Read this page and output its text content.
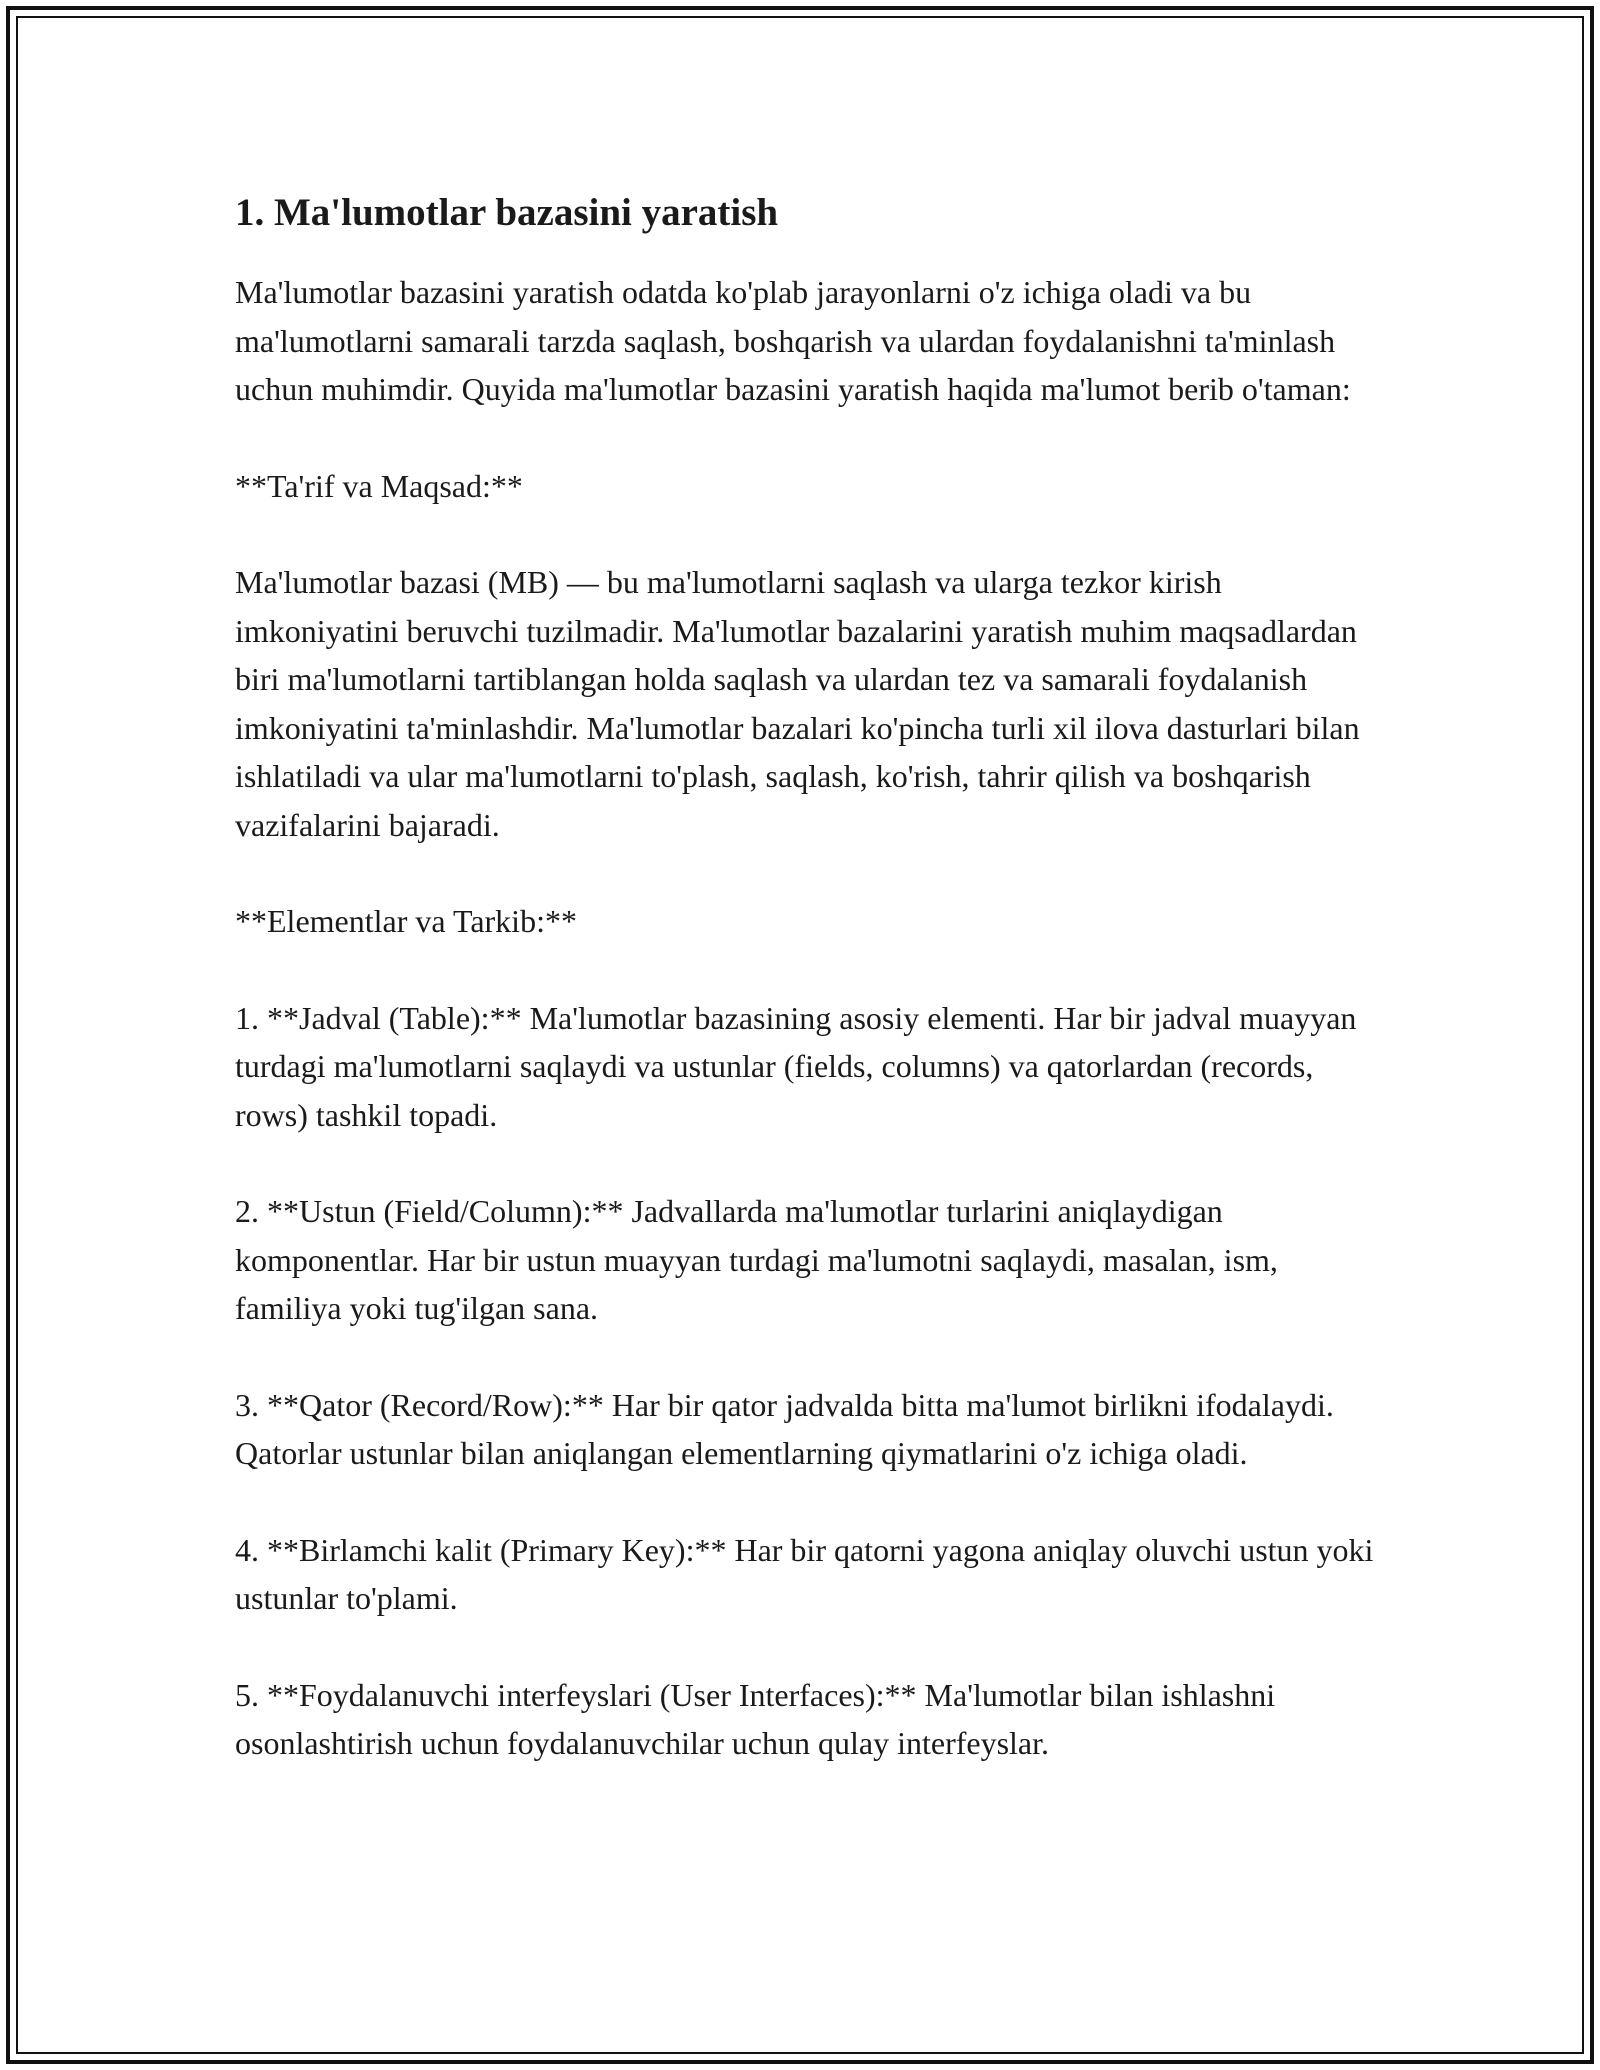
1. Ma'lumotlar bazasini yaratish

Ma'lumotlar bazasini yaratish odatda ko'plab jarayonlarni o'z ichiga oladi va bu ma'lumotlarni samarali tarzda saqlash, boshqarish va ulardan foydalanishni ta'minlash uchun muhimdir. Quyida ma'lumotlar bazasini yaratish haqida ma'lumot berib o'taman:

**Ta'rif va Maqsad:**

Ma'lumotlar bazasi (MB) — bu ma'lumotlarni saqlash va ularga tezkor kirish imkoniyatini beruvchi tuzilmadir. Ma'lumotlar bazalarini yaratish muhim maqsadlardan biri ma'lumotlarni tartiblangan holda saqlash va ulardan tez va samarali foydalanish imkoniyatini ta'minlashdir. Ma'lumotlar bazalari ko'pincha turli xil ilova dasturlari bilan ishlatiladi va ular ma'lumotlarni to'plash, saqlash, ko'rish, tahrir qilish va boshqarish vazifalarini bajaradi.

**Elementlar va Tarkib:**

1. **Jadval (Table):** Ma'lumotlar bazasining asosiy elementi. Har bir jadval muayyan turdagi ma'lumotlarni saqlaydi va ustunlar (fields, columns) va qatorlardan (records, rows) tashkil topadi.

2. **Ustun (Field/Column):** Jadvallarda ma'lumotlar turlarini aniqlaydigan komponentlar. Har bir ustun muayyan turdagi ma'lumotni saqlaydi, masalan, ism, familiya yoki tug'ilgan sana.

3. **Qator (Record/Row):** Har bir qator jadvalda bitta ma'lumot birlikni ifodalaydi. Qatorlar ustunlar bilan aniqlangan elementlarning qiymatlarini o'z ichiga oladi.

4. **Birlamchi kalit (Primary Key):** Har bir qatorni yagona aniqlay oluvchi ustun yoki ustunlar to'plami.

5. **Foydalanuvchi interfeyslari (User Interfaces):** Ma'lumotlar bilan ishlashni osonlashtirish uchun foydalanuvchilar uchun qulay interfeyslar.
